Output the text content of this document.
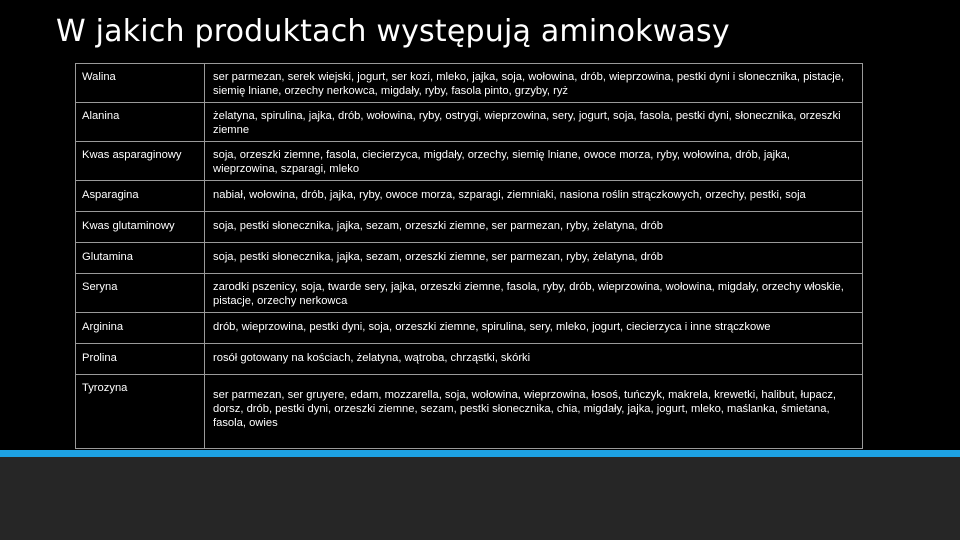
W jakich produktach występują aminokwasy
Walina	ser parmezan, serek wiejski, jogurt, ser kozi, mleko, jajka, soja, wołowina, drób, wieprzowina, pestki dyni i słonecznika, pistacje, siemię lniane, orzechy nerkowca, migdały, ryby, fasola pinto, grzyby, ryż
Alanina	żelatyna, spirulina, jajka, drób, wołowina, ryby, ostrygi, wieprzowina, sery, jogurt, soja, fasola, pestki dyni, słonecznika, orzeszki ziemne
Kwas asparaginowy	soja, orzeszki ziemne, fasola, ciecierzyca, migdały, orzechy, siemię lniane, owoce morza, ryby, wołowina, drób, jajka, wieprzowina, szparagi, mleko
Asparagina	nabiał, wołowina, drób, jajka, ryby, owoce morza, szparagi, ziemniaki, nasiona roślin strączkowych, orzechy, pestki, soja
Kwas glutaminowy	soja, pestki słonecznika, jajka, sezam, orzeszki ziemne, ser parmezan, ryby, żelatyna, drób
Glutamina	soja, pestki słonecznika, jajka, sezam, orzeszki ziemne, ser parmezan, ryby, żelatyna, drób
Seryna	zarodki pszenicy, soja, twarde sery, jajka, orzeszki ziemne, fasola, ryby, drób, wieprzowina, wołowina, migdały, orzechy włoskie, pistacje, orzechy nerkowca
Arginina	drób, wieprzowina, pestki dyni, soja, orzeszki ziemne, spirulina, sery, mleko, jogurt, ciecierzyca i inne strączkowe
Prolina	rosół gotowany na kościach, żelatyna, wątroba, chrząstki, skórki
Tyrozyna	ser parmezan, ser gruyere, edam, mozzarella, soja, wołowina, wieprzowina, łosoś, tuńczyk, makrela, krewetki, halibut, łupacz, dorsz, drób, pestki dyni, orzeszki ziemne, sezam, pestki słonecznika, chia, migdały, jajka, jogurt, mleko, maślanka, śmietana, fasola, owies
